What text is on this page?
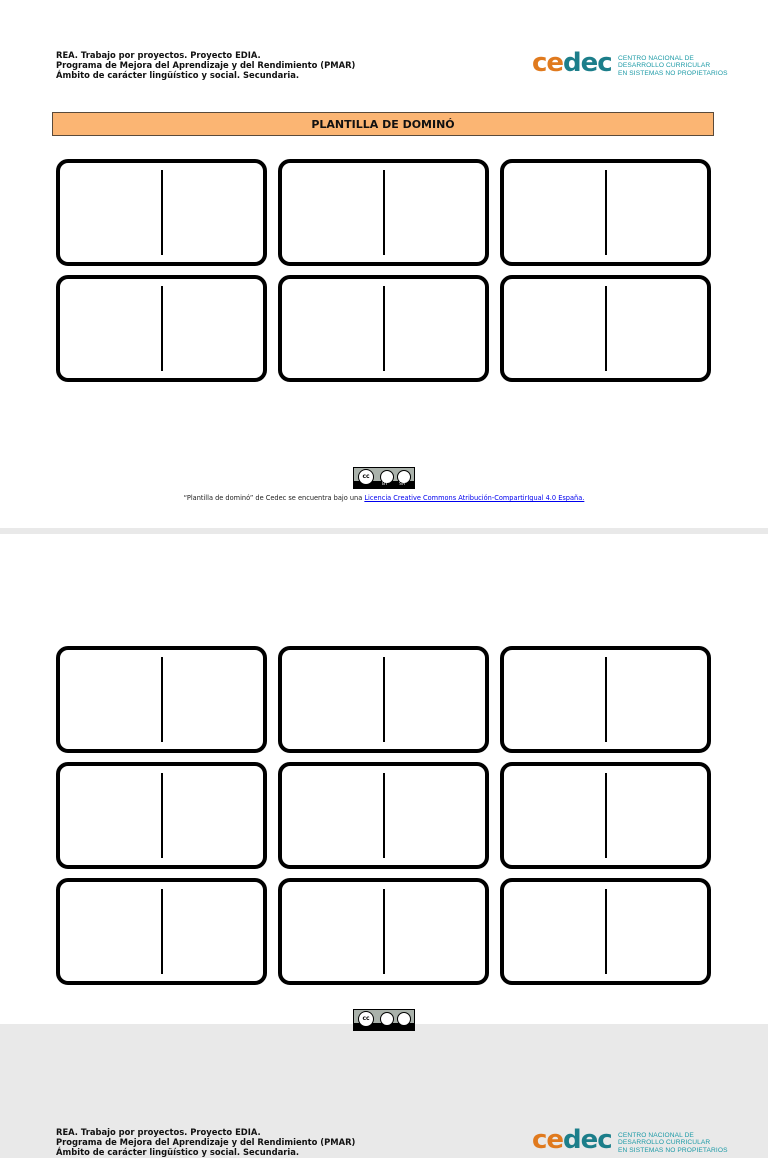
REA. Trabajo por proyectos. Proyecto EDIA.
Programa de Mejora del Aprendizaje y del Rendimiento (PMAR)
Ámbito de carácter lingüístico y social. Secundaria.	cedec CENTRO NACIONAL DE
DESARROLLO CURRICULAR
EN SISTEMAS NO PROPIETARIOS
PLANTILLA DE DOMINÓ
cc
BY	SA
“Plantilla de dominó” de Cedec se encuentra bajo una Licencia Creative Commons Atribución-CompartirIgual 4.0 España.
REA. Trabajo por proyectos. Proyecto EDIA.
Programa de Mejora del Aprendizaje y del Rendimiento (PMAR)
Ámbito de carácter lingüístico y social. Secundaria.	cedec CENTRO NACIONAL DE
DESARROLLO CURRICULAR
EN SISTEMAS NO PROPIETARIOS
cc
